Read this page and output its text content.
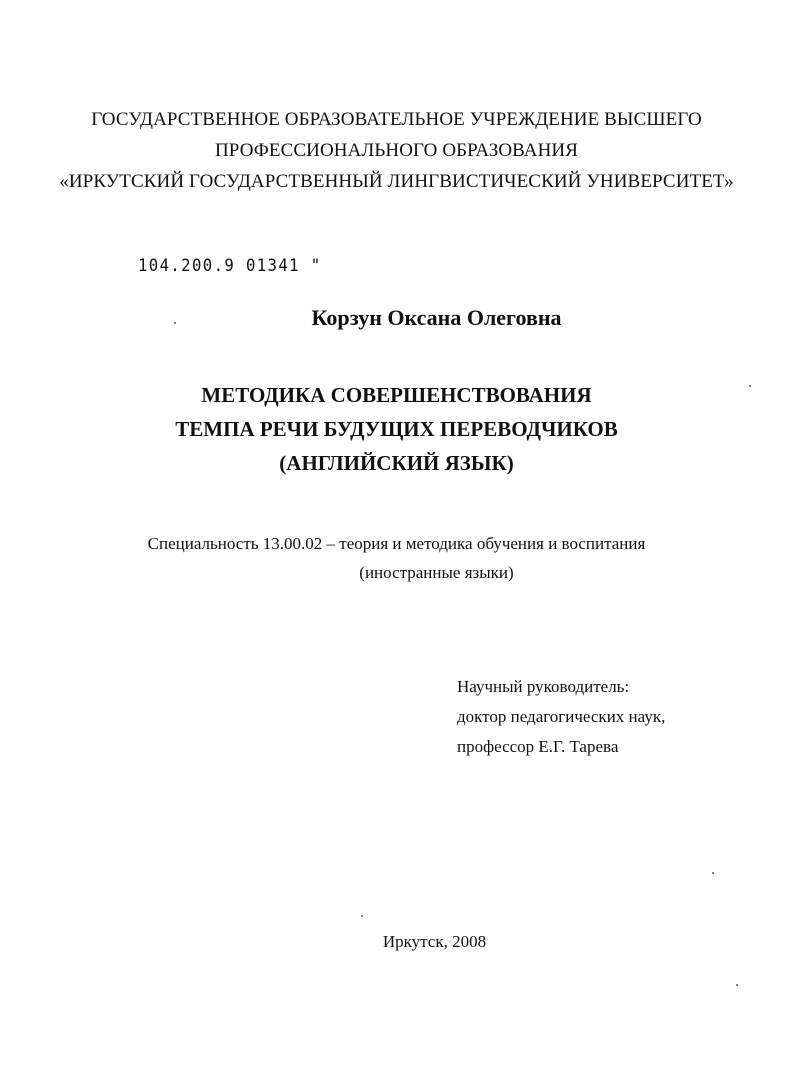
ГОСУДАРСТВЕННОЕ ОБРАЗОВАТЕЛЬНОЕ УЧРЕЖДЕНИЕ ВЫСШЕГО
ПРОФЕССИОНАЛЬНОГО ОБРАЗОВАНИЯ
«ИРКУТСКИЙ ГОСУДАРСТВЕННЫЙ ЛИНГВИСТИЧЕСКИЙ УНИВЕРСИТЕТ»
104.200.9 01341 "
Корзун Оксана Олеговна
МЕТОДИКА СОВЕРШЕНСТВОВАНИЯ
ТЕМПА РЕЧИ БУДУЩИХ ПЕРЕВОДЧИКОВ
(АНГЛИЙСКИЙ ЯЗЫК)
Специальность 13.00.02 – теория и методика обучения и воспитания
(иностранные языки)
Научный руководитель:
доктор педагогических наук,
профессор Е.Г. Тарева
Иркутск, 2008
